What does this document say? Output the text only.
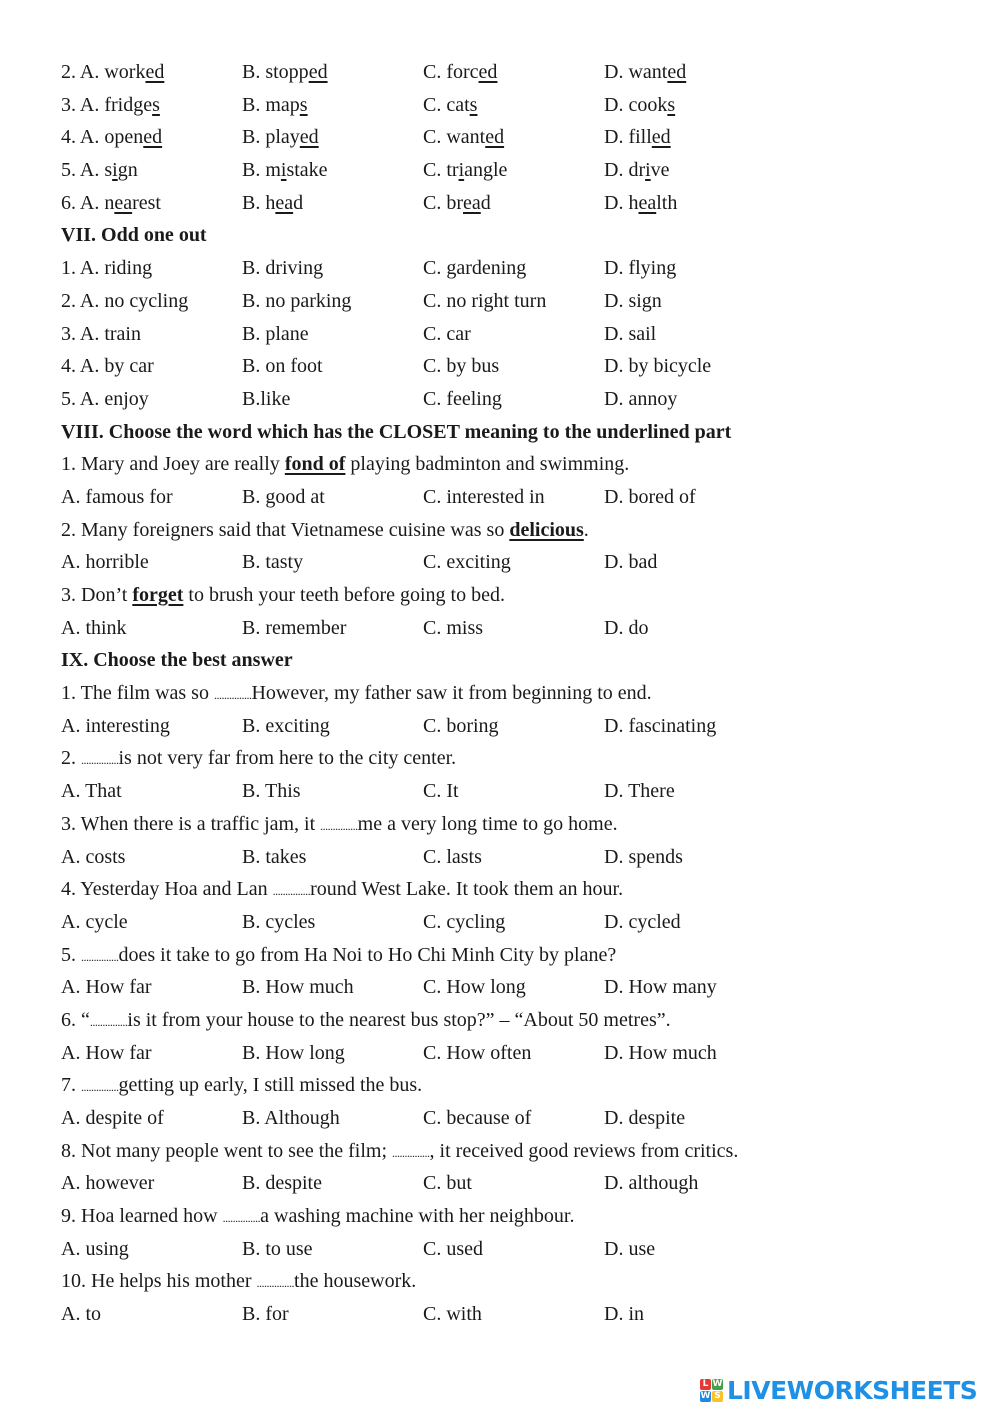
2. A. worked	B. stopped	C. forced	D. wanted
3. A. fridges	B. maps	C. cats	D. cooks
4. A. opened	B. played	C. wanted	D. filled
5. A. sign	B. mistake	C. triangle	D. drive
6. A. nearest	B. head	C. bread	D. health
VII. Odd one out
1. A. riding	B. driving	C. gardening	D. flying
2. A. no cycling	B. no parking	C. no right turn	D. sign
3. A. train	B. plane	C. car	D. sail
4. A. by car	B. on foot	C. by bus	D. by bicycle
5. A. enjoy	B.like	C. feeling	D. annoy
VIII. Choose the word which has the CLOSET meaning to the underlined part
1. Mary and Joey are really fond of playing badminton and swimming.
A. famous for	B. good at	C. interested in	D. bored of
2. Many foreigners said that Vietnamese cuisine was so delicious.
A. horrible	B. tasty	C. exciting	D. bad
3. Don’t forget to brush your teeth before going to bed.
A. think	B. remember	C. miss	D. do
IX. Choose the best answer
1. The film was so ...............However, my father saw it from beginning to end.
A. interesting	B. exciting	C. boring	D. fascinating
2. ...............is not very far from here to the city center.
A. That	B. This	C. It	D. There
3. When there is a traffic jam, it ...............me a very long time to go home.
A. costs	B. takes	C. lasts	D. spends
4. Yesterday Hoa and Lan ...............round West Lake. It took them an hour.
A. cycle	B. cycles	C. cycling	D. cycled
5. ...............does it take to go from Ha Noi to Ho Chi Minh City by plane?
A. How far	B. How much	C. How long	D. How many
6. “...............is it from your house to the nearest bus stop?” – “About 50 metres”.
A. How far	B. How long	C. How often	D. How much
7. ...............getting up early, I still missed the bus.
A. despite of	B. Although	C. because of	D. despite
8. Not many people went to see the film; ..............., it received good reviews from critics.
A. however	B. despite	C. but	D. although
9. Hoa learned how ...............a washing machine with her neighbour.
A. using	B. to use	C. used	D. use
10. He helps his mother ...............the housework.
A. to	B. for	C. with	D. in
L W
W S LIVEWORKSHEETS
